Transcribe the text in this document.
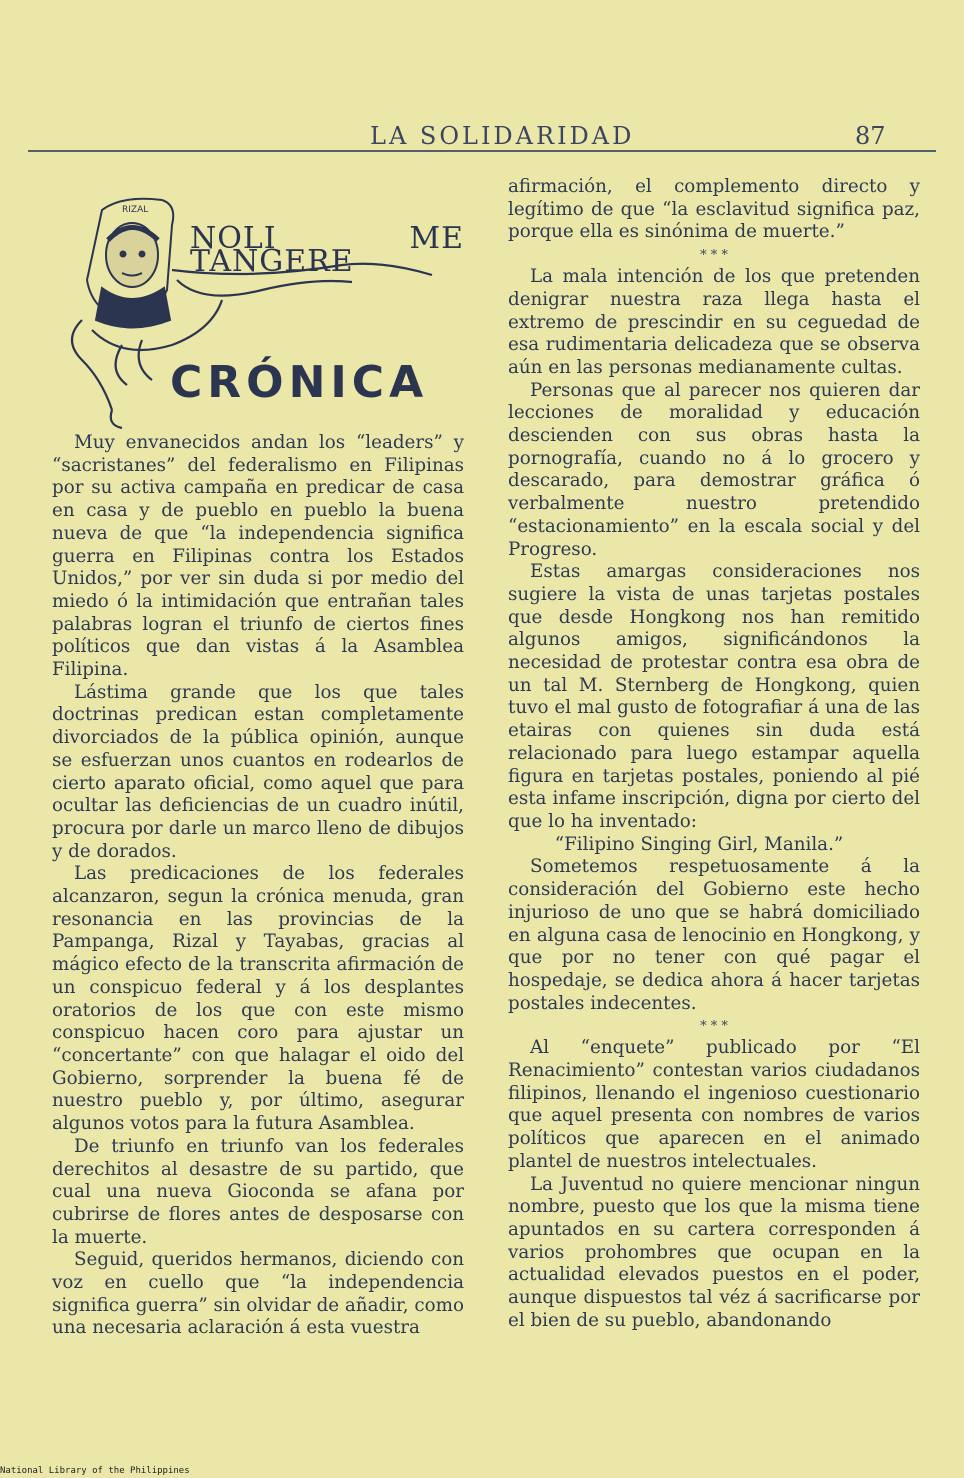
LA SOLIDARIDAD	87
RIZAL
NOLI ME TANGERE
CRÓNICA

Muy envanecidos andan los “leaders” y “sacristanes” del federalismo en Filipinas por su activa campaña en predicar de casa en casa y de pueblo en pueblo la buena nueva de que “la independencia significa guerra en Filipinas contra los Estados Unidos,” por ver sin duda si por medio del miedo ó la intimidación que entrañan tales palabras logran el triunfo de ciertos fines políticos que dan vistas á la Asamblea Filipina.

Lástima grande que los que tales doctrinas predican estan completamente divorciados de la pública opinión, aunque se esfuerzan unos cuantos en rodearlos de cierto aparato oficial, como aquel que para ocultar las deficiencias de un cuadro inútil, procura por darle un marco lleno de dibujos y de dorados.

Las predicaciones de los federales alcanzaron, segun la crónica menuda, gran resonancia en las provincias de la Pampanga, Rizal y Tayabas, gracias al mágico efecto de la transcrita afirmación de un conspicuo federal y á los desplantes oratorios de los que con este mismo conspicuo hacen coro para ajustar un “concertante” con que halagar el oido del Gobierno, sorprender la buena fé de nuestro pueblo y, por último, asegurar algunos votos para la futura Asamblea.

De triunfo en triunfo van los federales derechitos al desastre de su partido, que cual una nueva Gioconda se afana por cubrirse de flores antes de desposarse con la muerte.

Seguid, queridos hermanos, diciendo con voz en cuello que “la independencia significa guerra” sin olvidar de añadir, como una necesaria aclaración á esta vuestra

afirmación, el complemento directo y legítimo de que “la esclavitud significa paz, porque ella es sinónima de muerte.”

* * *

La mala intención de los que pretenden denigrar nuestra raza llega hasta el extremo de prescindir en su ceguedad de esa rudimentaria delicadeza que se observa aún en las personas medianamente cultas.

Personas que al parecer nos quieren dar lecciones de moralidad y educación descienden con sus obras hasta la pornografía, cuando no á lo grocero y descarado, para demostrar gráfica ó verbalmente nuestro pretendido “estacionamiento” en la escala social y del Progreso.

Estas amargas consideraciones nos sugiere la vista de unas tarjetas postales que desde Hongkong nos han remitido algunos amigos, significándonos la necesidad de protestar contra esa obra de un tal M. Sternberg de Hongkong, quien tuvo el mal gusto de fotografiar á una de las etairas con quienes sin duda está relacionado para luego estampar aquella figura en tarjetas postales, poniendo al pié esta infame inscripción, digna por cierto del que lo ha inventado:

“Filipino Singing Girl, Manila.”

Sometemos respetuosamente á la consideración del Gobierno este hecho injurioso de uno que se habrá domiciliado en alguna casa de lenocinio en Hongkong, y que por no tener con qué pagar el hospedaje, se dedica ahora á hacer tarjetas postales indecentes.

* * *

Al “enquete” publicado por “El Renacimiento” contestan varios ciudadanos filipinos, llenando el ingenioso cuestionario que aquel presenta con nombres de varios políticos que aparecen en el animado plantel de nuestros intelectuales.

La Juventud no quiere mencionar ningun nombre, puesto que los que la misma tiene apuntados en su cartera corresponden á varios prohombres que ocupan en la actualidad elevados puestos en el poder, aunque dispuestos tal véz á sacrificarse por el bien de su pueblo, abandonando

National Library of the Philippines
